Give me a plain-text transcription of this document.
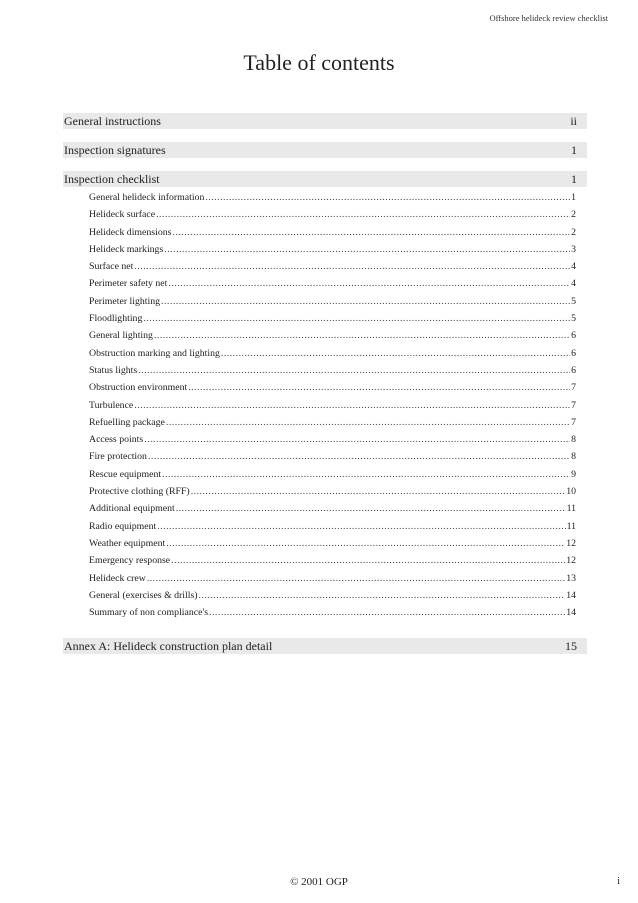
Offshore helideck review checklist
Table of contents
General instructions	ii
Inspection signatures	1
Inspection checklist	1
General helideck information .....	1
Helideck surface .....	2
Helideck dimensions .....	2
Helideck markings .....	3
Surface net .....	4
Perimeter safety net .....	4
Perimeter lighting .....	5
Floodlighting .....	5
General lighting .....	6
Obstruction marking and lighting .....	6
Status lights .....	6
Obstruction environment .....	7
Turbulence .....	7
Refuelling package .....	7
Access points .....	8
Fire protection .....	8
Rescue equipment .....	9
Protective clothing (RFF) .....	10
Additional equipment .....	11
Radio equipment .....	11
Weather equipment .....	12
Emergency response .....	12
Helideck crew .....	13
General (exercises & drills) .....	14
Summary of non compliance's .....	14
Annex A: Helideck construction plan detail	15
© 2001 OGP	i
